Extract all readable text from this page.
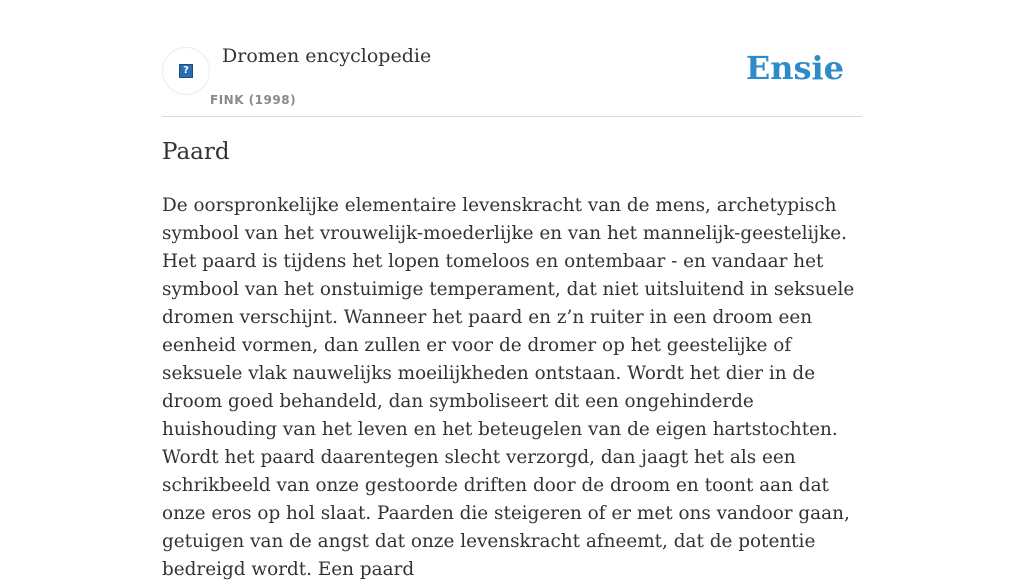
?
Dromen encyclopedie
FINK (1998)
Ensie
Paard

De oorspronkelijke elementaire levenskracht van de mens, archetypisch symbool van het vrouwelijk-moederlijke en van het mannelijk-geestelijke. Het paard is tijdens het lopen tomeloos en ontembaar - en vandaar het symbool van het onstuimige temperament, dat niet uitsluitend in seksuele dromen verschijnt. Wanneer het paard en z’n ruiter in een droom een eenheid vormen, dan zullen er voor de dromer op het geestelijke of seksuele vlak nauwelijks moeilijkheden ontstaan. Wordt het dier in de droom goed behandeld, dan symboliseert dit een ongehinderde huishouding van het leven en het beteugelen van de eigen hartstochten. Wordt het paard daarentegen slecht verzorgd, dan jaagt het als een schrikbeeld van onze gestoorde driften door de droom en toont aan dat onze eros op hol slaat. Paarden die steigeren of er met ons vandoor gaan, getuigen van de angst dat onze levenskracht afneemt, dat de potentie bedreigd wordt. Een paard
